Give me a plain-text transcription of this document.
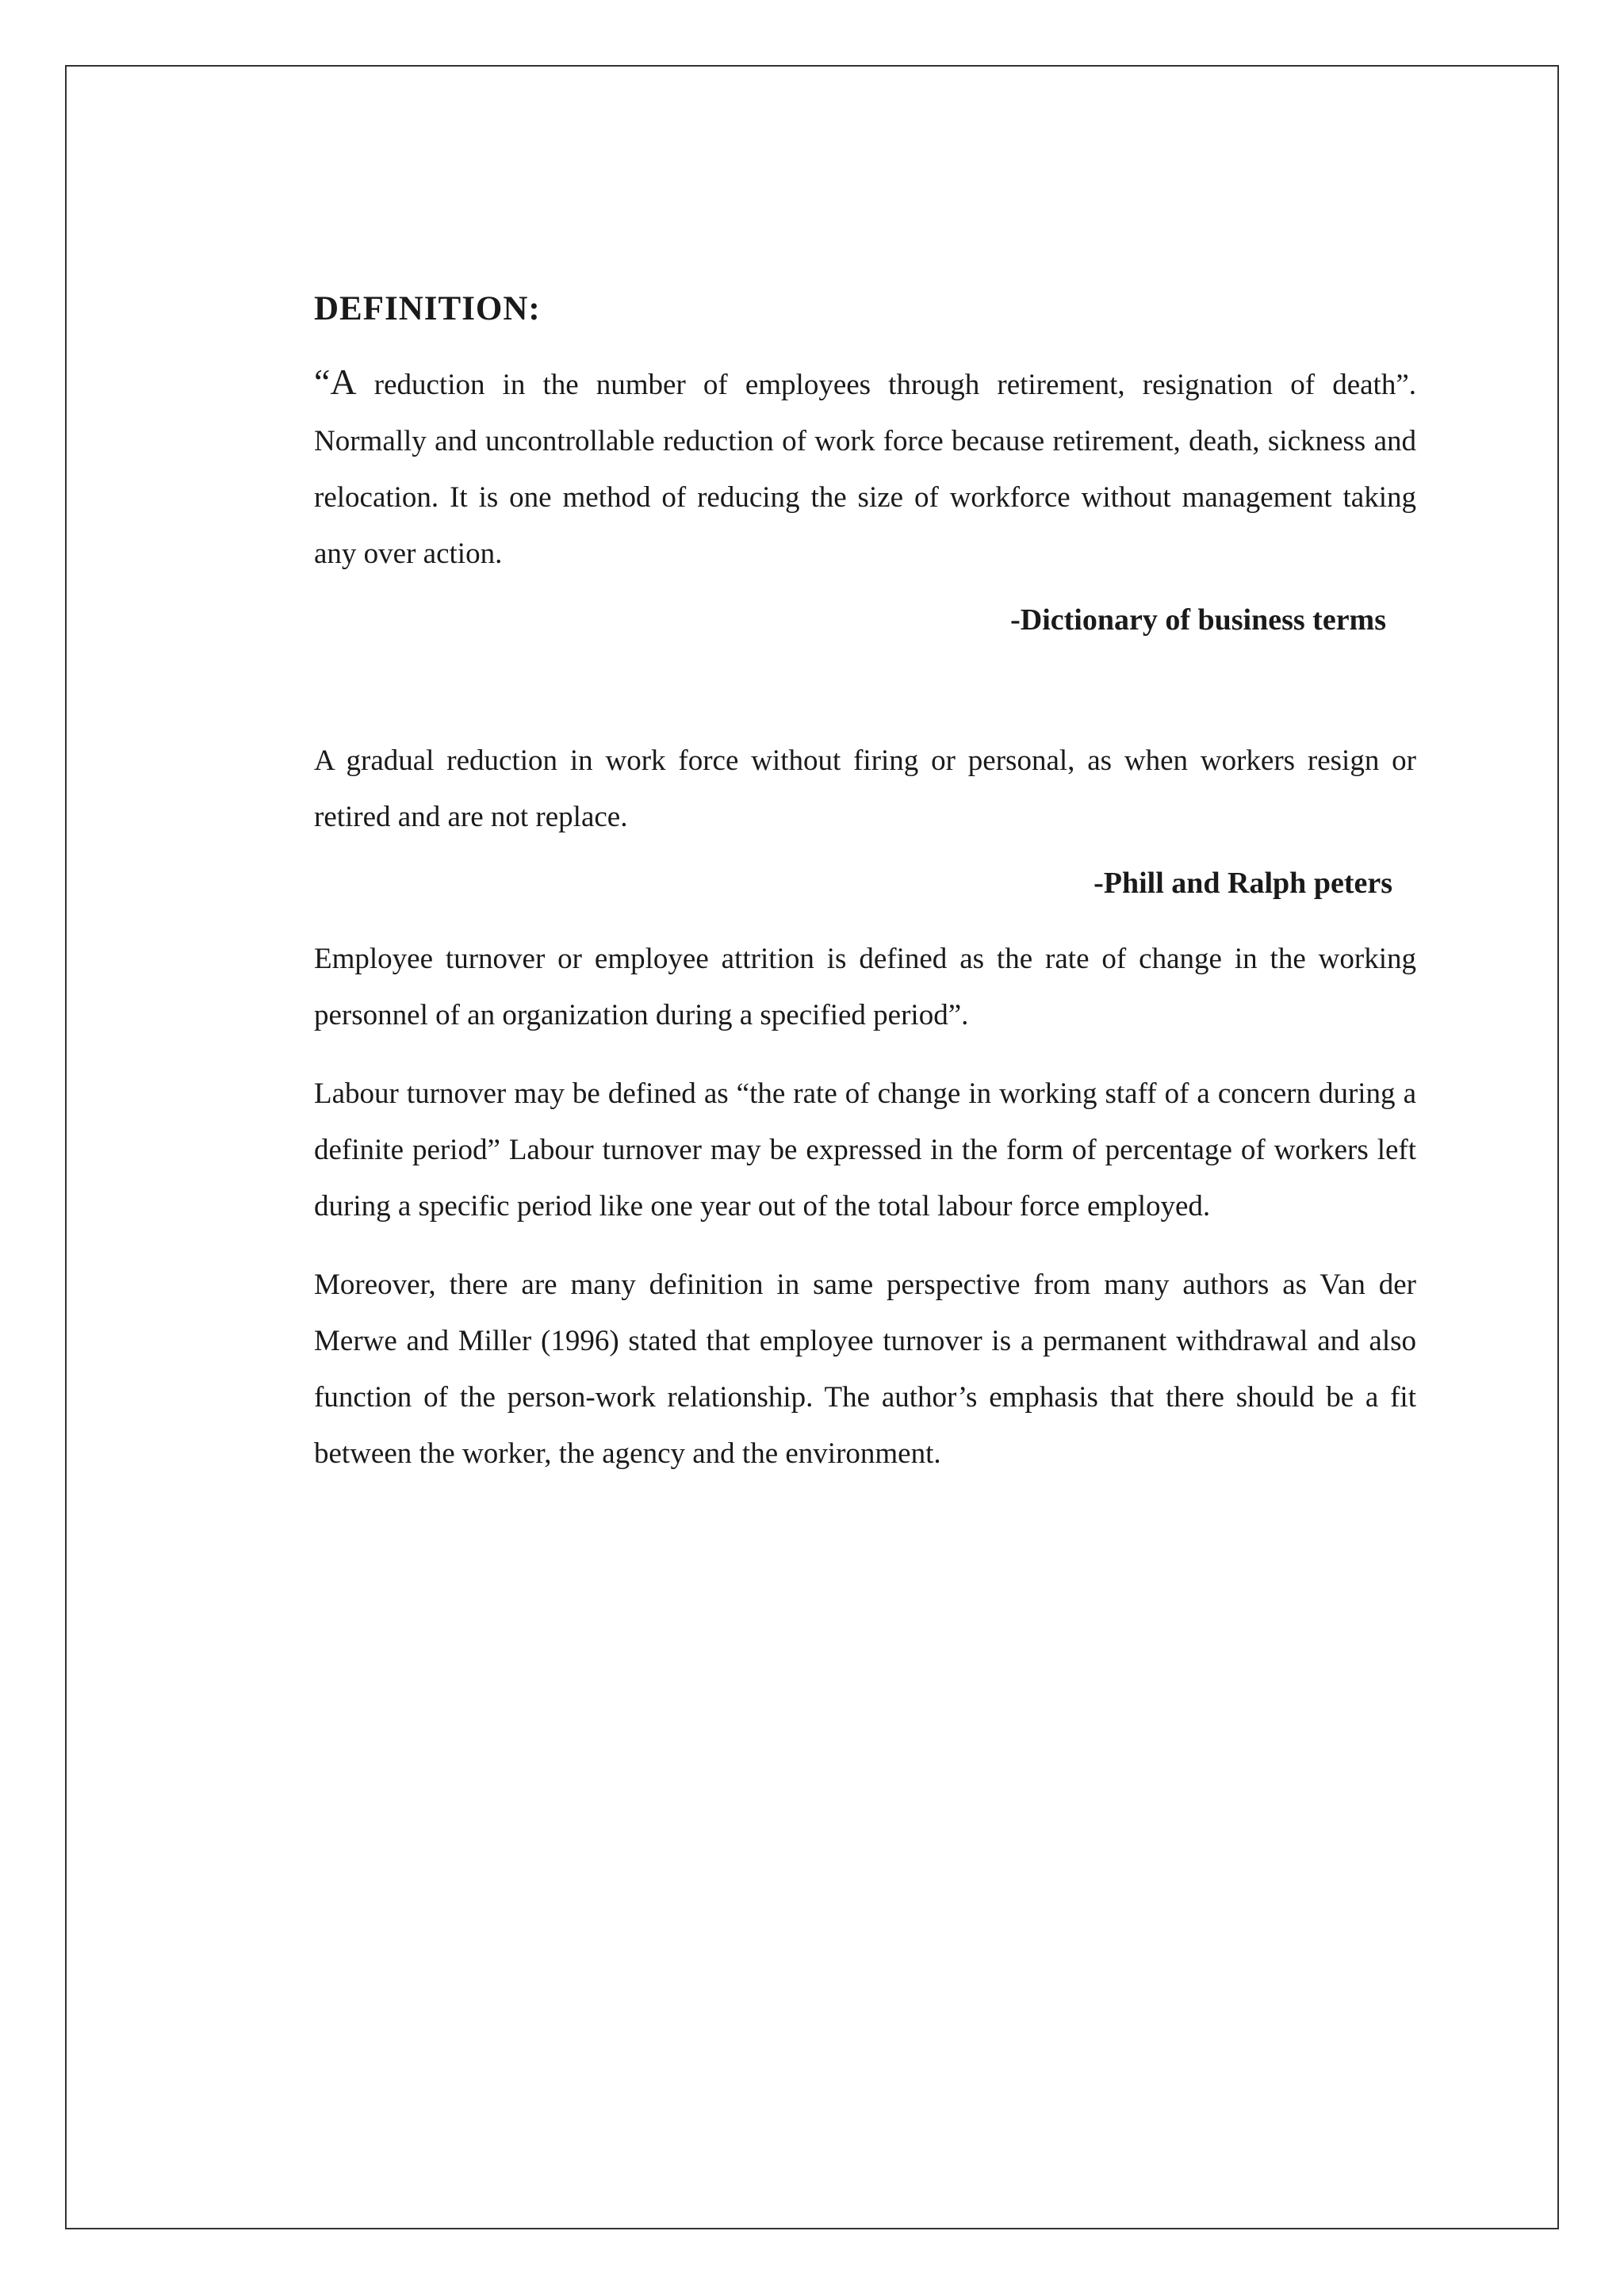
DEFINITION:

“A reduction in the number of employees through retirement, resignation of death”. Normally and uncontrollable reduction of work force because retirement, death, sickness and relocation. It is one method of reducing the size of workforce without management taking any over action.

-Dictionary of business terms

A gradual reduction in work force without firing or personal, as when workers resign or retired and are not replace.

-Phill and Ralph peters

Employee turnover or employee attrition is defined as the rate of change in the working personnel of an organization during a specified period”.

Labour turnover may be defined as “the rate of change in working staff of a concern during a definite period” Labour turnover may be expressed in the form of percentage of workers left during a specific period like one year out of the total labour force employed.

Moreover, there are many definition in same perspective from many authors as Van der Merwe and Miller (1996) stated that employee turnover is a permanent withdrawal and also function of the person-work relationship. The author’s emphasis that there should be a fit between the worker, the agency and the environment.
